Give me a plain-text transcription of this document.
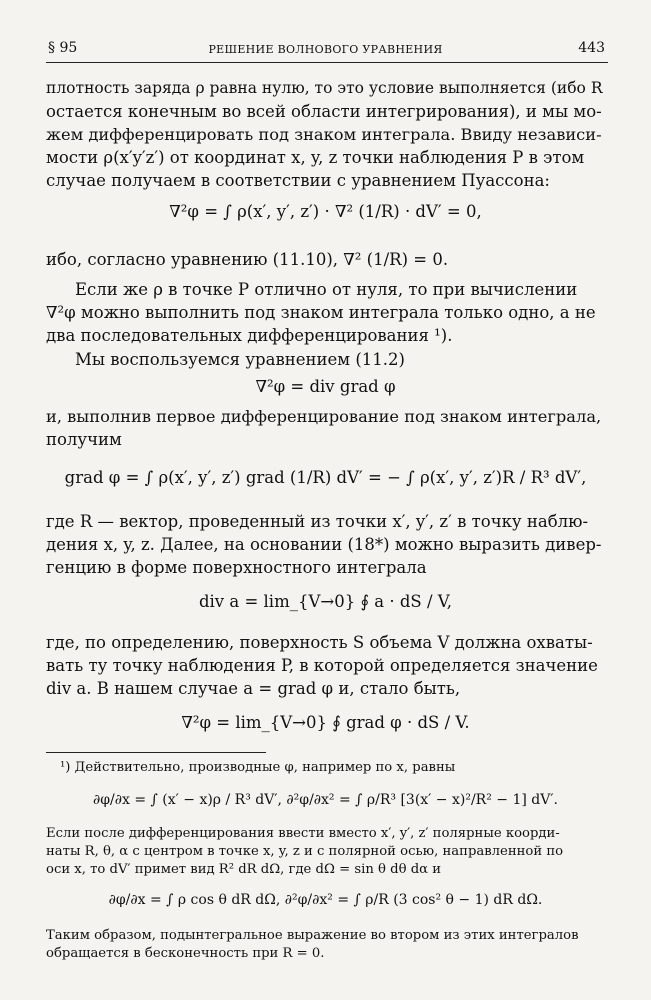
§ 95	РЕШЕНИЕ ВОЛНОВОГО УРАВНЕНИЯ	443
плотность заряда ρ равна нулю, то это условие выполняется (ибо R
остается конечным во всей области интегрирования), и мы мо-
жем дифференцировать под знаком интеграла. Ввиду независи-
мости ρ(x′y′z′) от координат x, y, z точки наблюдения P в этом
случае получаем в соответствии с уравнением Пуассона:
∇²φ = ∫ ρ(x′, y′, z′) · ∇² (1/R) · dV′ = 0,
ибо, согласно уравнению (11.10), ∇² (1/R) = 0.
Если же ρ в точке P отлично от нуля, то при вычислении
∇²φ можно выполнить под знаком интеграла только одно, а не
два последовательных дифференцирования ¹).
Мы воспользуемся уравнением (11.2)
∇²φ = div grad φ
и, выполнив первое дифференцирование под знаком интеграла,
получим
grad φ = ∫ ρ(x′, y′, z′) grad (1/R) dV′ = − ∫ ρ(x′, y′, z′)R / R³ dV′,
где R — вектор, проведенный из точки x′, y′, z′ в точку наблю-
дения x, y, z. Далее, на основании (18*) можно выразить дивер-
генцию в форме поверхностного интеграла
div a = lim_{V→0} ∮ a · dS / V,
где, по определению, поверхность S объема V должна охваты-
вать ту точку наблюдения P, в которой определяется значение
div a. В нашем случае a = grad φ и, стало быть,
∇²φ = lim_{V→0} ∮ grad φ · dS / V.
¹) Действительно, производные φ, например по x, равны
∂φ/∂x = ∫ (x′ − x)ρ / R³ dV′, ∂²φ/∂x² = ∫ ρ/R³ [3(x′ − x)²/R² − 1] dV′.
Если после дифференцирования ввести вместо x′, y′, z′ полярные коорди-
наты R, θ, α с центром в точке x, y, z и с полярной осью, направленной по
оси x, то dV′ примет вид R² dR dΩ, где dΩ = sin θ dθ dα и
∂φ/∂x = ∫ ρ cos θ dR dΩ, ∂²φ/∂x² = ∫ ρ/R (3 cos² θ − 1) dR dΩ.
Таким образом, подынтегральное выражение во втором из этих интегралов
обращается в бесконечность при R = 0.
